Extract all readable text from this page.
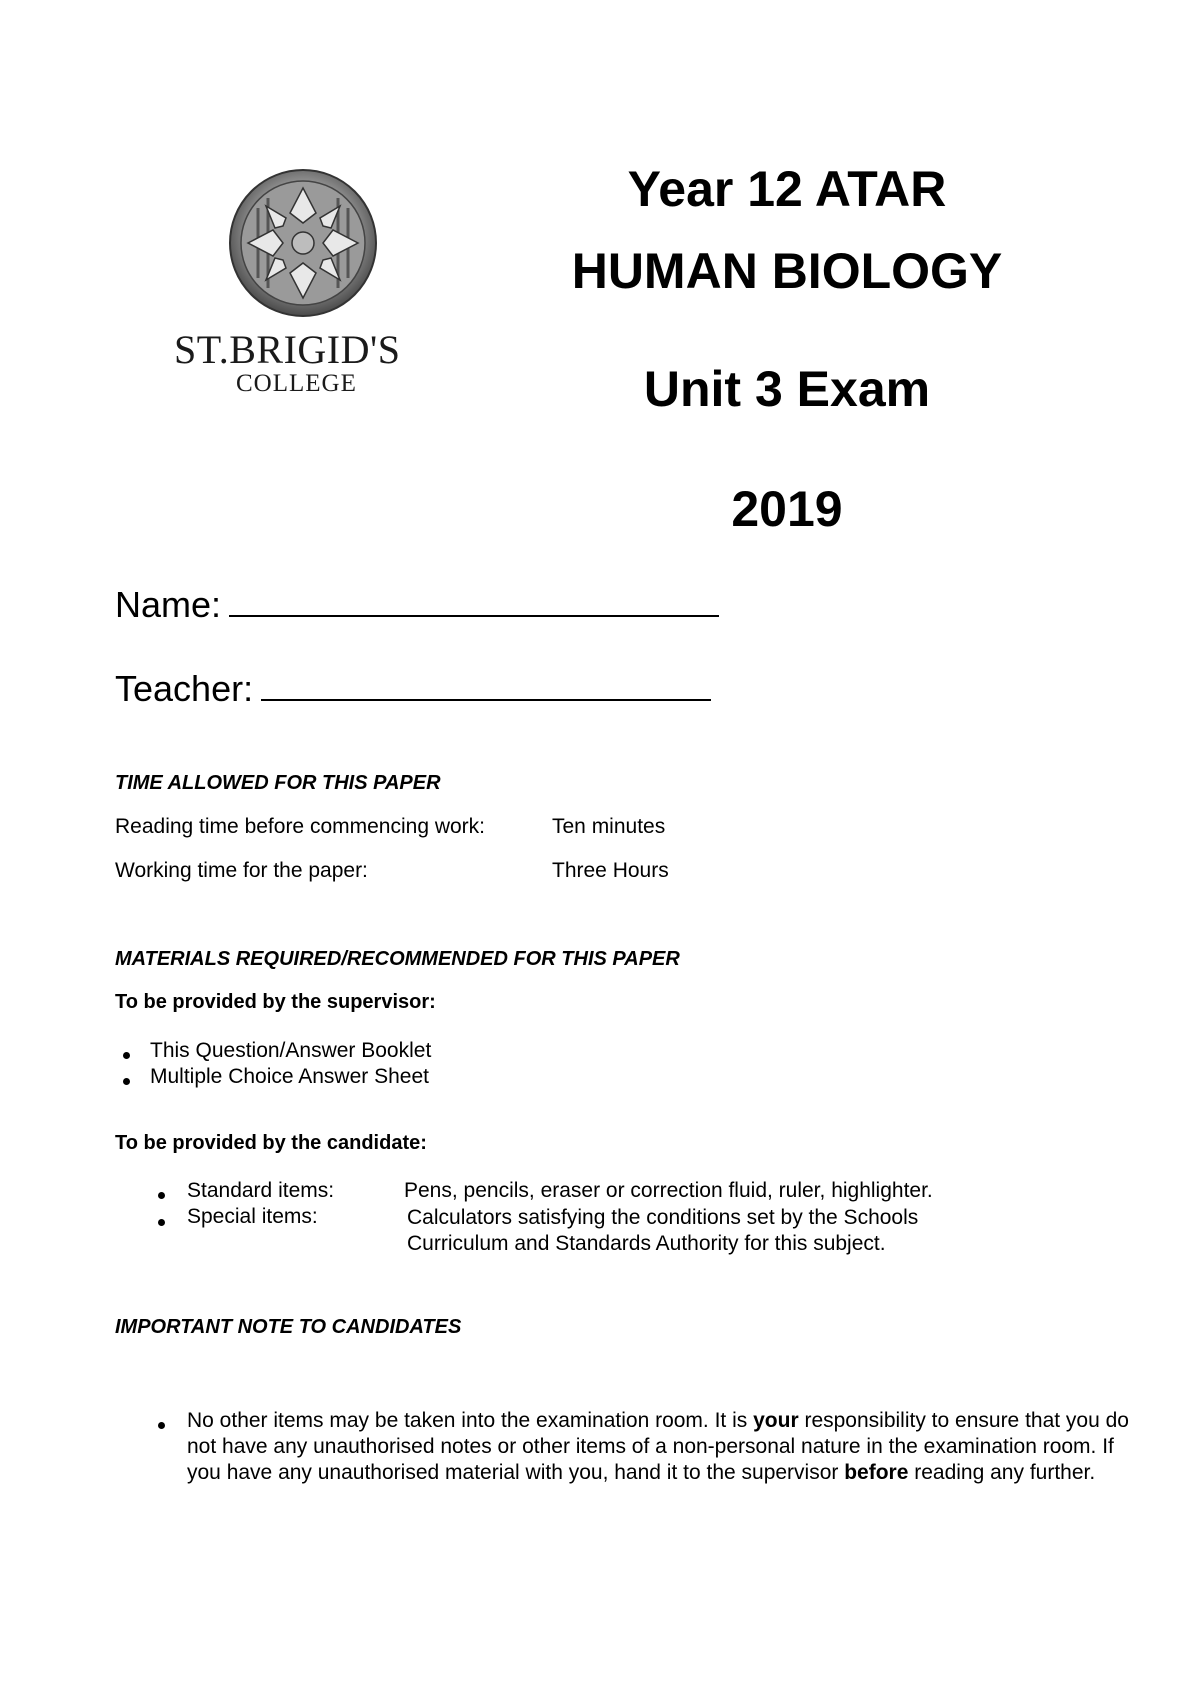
ST.BRIGID'S
COLLEGE
Year 12 ATAR
HUMAN BIOLOGY
Unit 3 Exam
2019
Name:
Teacher:
TIME ALLOWED FOR THIS PAPER
Reading time before commencing work:	Ten minutes
Working time for the paper:	Three Hours
MATERIALS REQUIRED/RECOMMENDED FOR THIS PAPER
To be provided by the supervisor:
This Question/Answer Booklet
Multiple Choice Answer Sheet
To be provided by the candidate:
Standard items:	Pens, pencils, eraser or correction fluid, ruler, highlighter.
Special items:	Calculators satisfying the conditions set by the Schools Curriculum and Standards Authority for this subject.
IMPORTANT NOTE TO CANDIDATES
No other items may be taken into the examination room. It is your responsibility to ensure that you do not have any unauthorised notes or other items of a non-personal nature in the examination room. If you have any unauthorised material with you, hand it to the supervisor before reading any further.
